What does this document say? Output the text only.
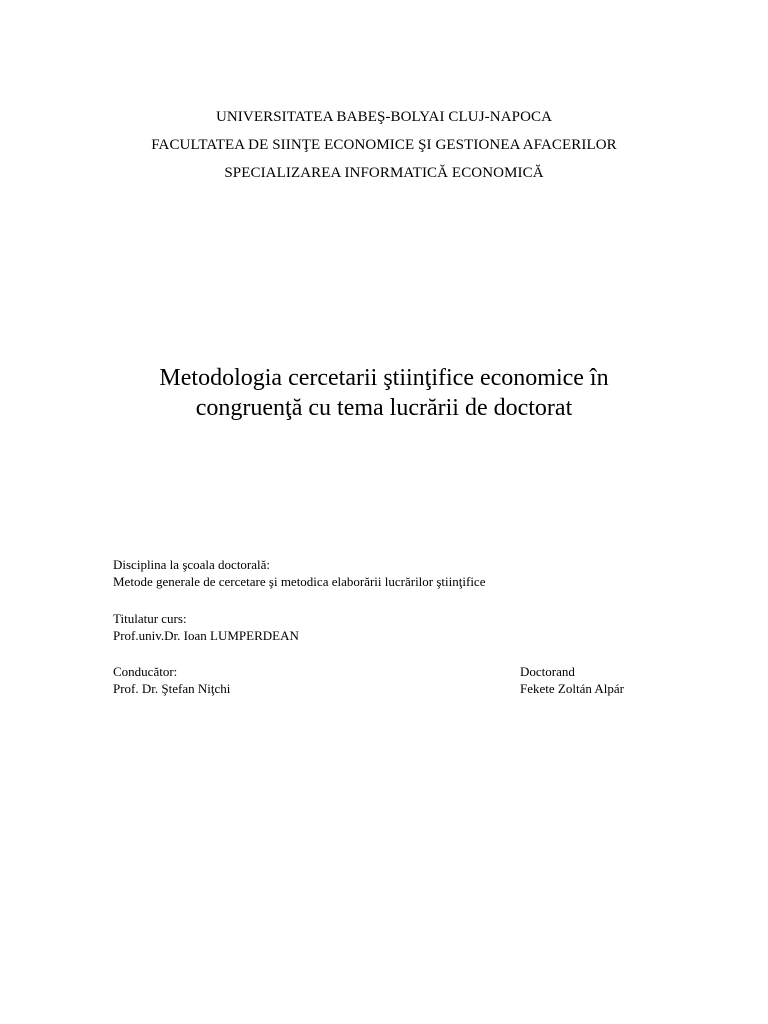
UNIVERSITATEA BABEŞ-BOLYAI CLUJ-NAPOCA
FACULTATEA DE SIINŢE ECONOMICE ŞI GESTIONEA AFACERILOR
SPECIALIZAREA INFORMATICĂ ECONOMICĂ
Metodologia cercetarii ştiinţifice economice în
congruenţă cu tema lucrării de doctorat
Disciplina la şcoala doctorală:
Metode generale de cercetare şi metodica elaborării lucrărilor ştiinţifice
Titulatur curs:
Prof.univ.Dr. Ioan LUMPERDEAN
Conducător:
Prof. Dr. Ştefan Niţchi
Doctorand
Fekete Zoltán Alpár
